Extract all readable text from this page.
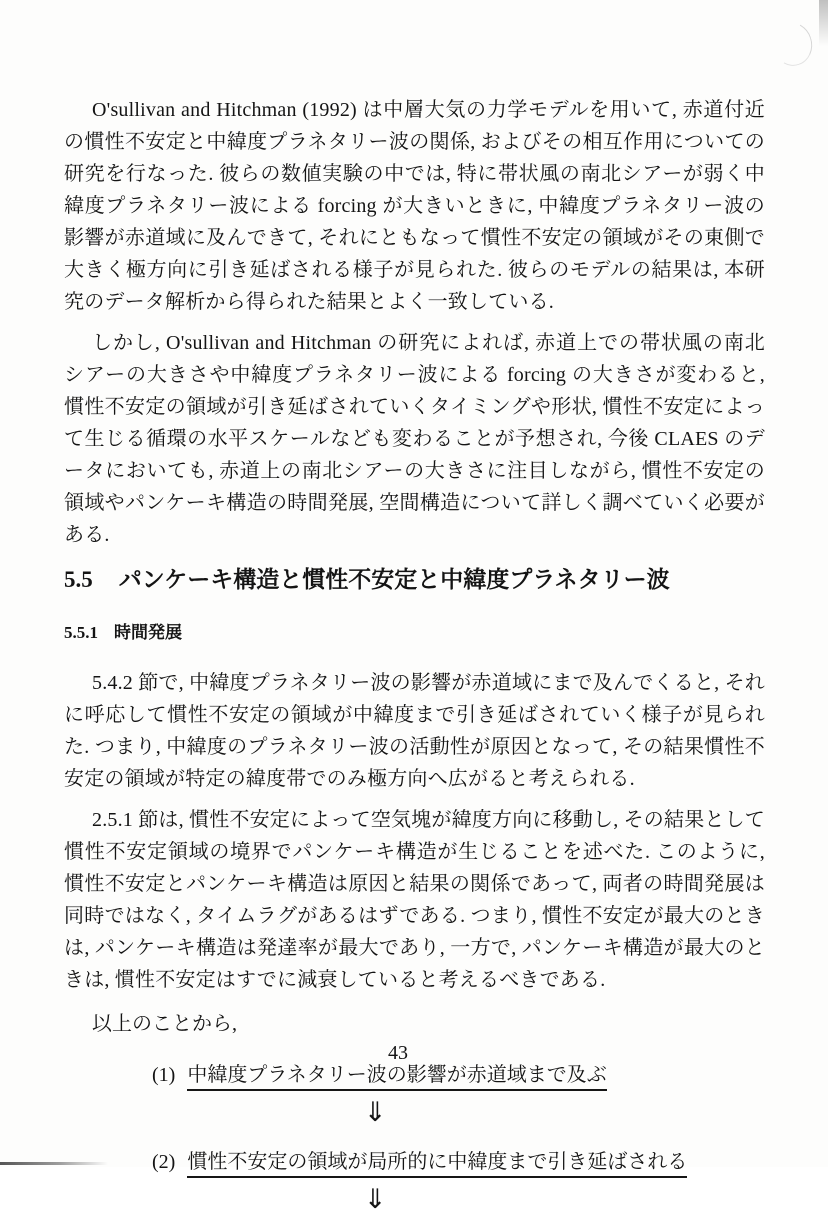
O'sullivan and Hitchman (1992) は中層大気の力学モデルを用いて, 赤道付近の慣性不安定と中緯度プラネタリー波の関係, およびその相互作用についての研究を行なった. 彼らの数値実験の中では, 特に帯状風の南北シアーが弱く中緯度プラネタリー波による forcing が大きいときに, 中緯度プラネタリー波の影響が赤道域に及んできて, それにともなって慣性不安定の領域がその東側で大きく極方向に引き延ばされる様子が見られた. 彼らのモデルの結果は, 本研究のデータ解析から得られた結果とよく一致している.

しかし, O'sullivan and Hitchman の研究によれば, 赤道上での帯状風の南北シアーの大きさや中緯度プラネタリー波による forcing の大きさが変わると, 慣性不安定の領域が引き延ばされていくタイミングや形状, 慣性不安定によって生じる循環の水平スケールなども変わることが予想され, 今後 CLAES のデータにおいても, 赤道上の南北シアーの大きさに注目しながら, 慣性不安定の領域やパンケーキ構造の時間発展, 空間構造について詳しく調べていく必要がある.

5.5 パンケーキ構造と慣性不安定と中緯度プラネタリー波
5.5.1 時間発展

5.4.2 節で, 中緯度プラネタリー波の影響が赤道域にまで及んでくると, それに呼応して慣性不安定の領域が中緯度まで引き延ばされていく様子が見られた. つまり, 中緯度のプラネタリー波の活動性が原因となって, その結果慣性不安定の領域が特定の緯度帯でのみ極方向へ広がると考えられる.

2.5.1 節は, 慣性不安定によって空気塊が緯度方向に移動し, その結果として慣性不安定領域の境界でパンケーキ構造が生じることを述べた. このように, 慣性不安定とパンケーキ構造は原因と結果の関係であって, 両者の時間発展は同時ではなく, タイムラグがあるはずである. つまり, 慣性不安定が最大のときは, パンケーキ構造は発達率が最大であり, 一方で, パンケーキ構造が最大のときは, 慣性不安定はすでに減衰していると考えるべきである.

以上のことから,

(1) 中緯度プラネタリー波の影響が赤道域まで及ぶ
⇓
(2) 慣性不安定の領域が局所的に中緯度まで引き延ばされる
⇓
43
